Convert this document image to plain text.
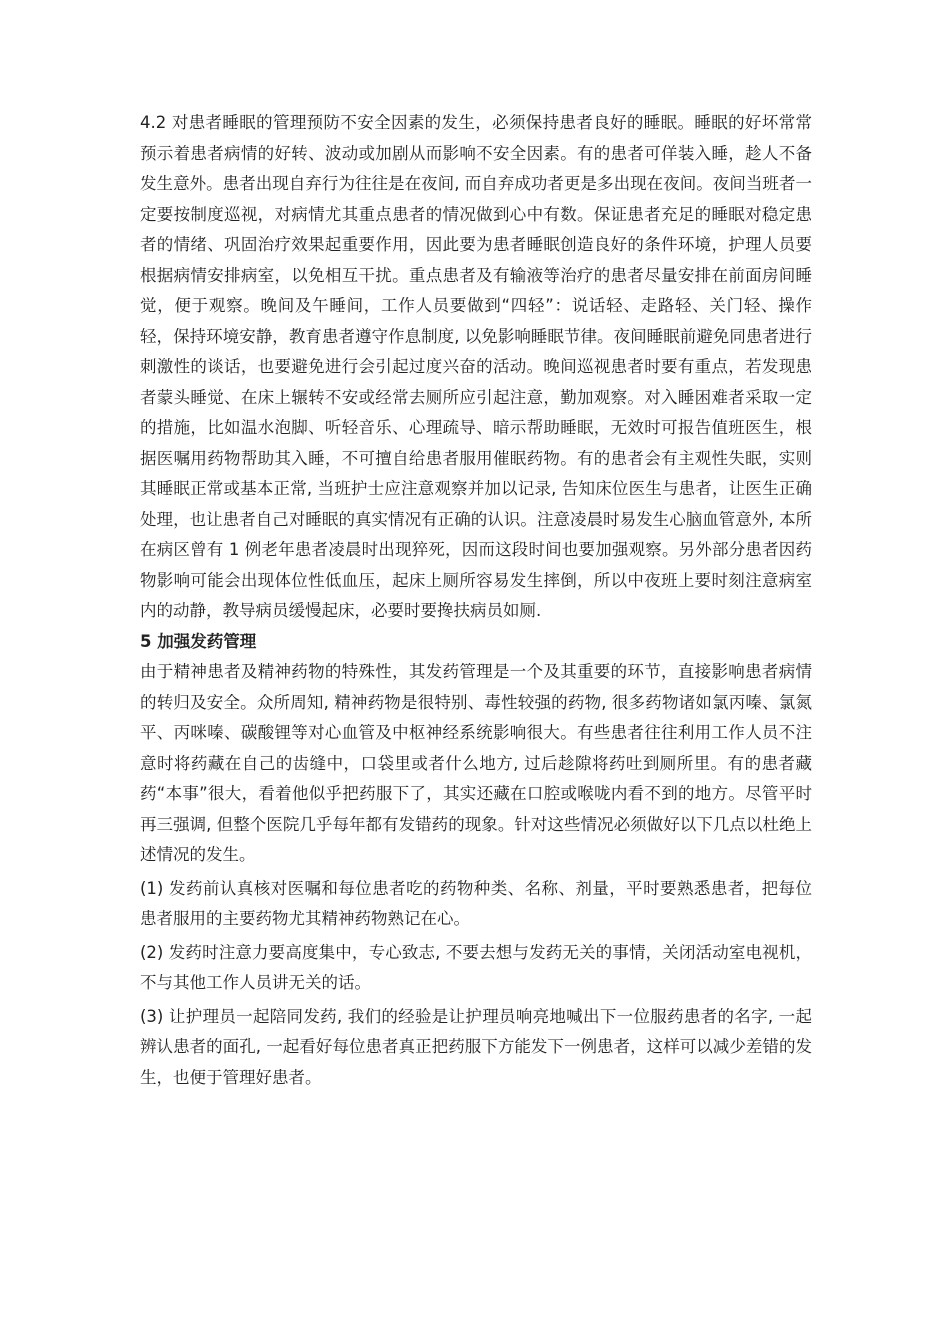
4.2 对患者睡眠的管理预防不安全因素的发生，必须保持患者良好的睡眠。睡眠的好坏常常预示着患者病情的好转、波动或加剧从而影响不安全因素。有的患者可佯装入睡，趁人不备发生意外。患者出现自弃行为往往是在夜间, 而自弃成功者更是多出现在夜间。夜间当班者一定要按制度巡视，对病情尤其重点患者的情况做到心中有数。保证患者充足的睡眠对稳定患者的情绪、巩固治疗效果起重要作用，因此要为患者睡眠创造良好的条件环境，护理人员要根据病情安排病室，以免相互干扰。重点患者及有输液等治疗的患者尽量安排在前面房间睡觉，便于观察。晚间及午睡间，工作人员要做到“四轻”：说话轻、走路轻、关门轻、操作轻，保持环境安静，教育患者遵守作息制度, 以免影响睡眠节律。夜间睡眠前避免同患者进行刺激性的谈话，也要避免进行会引起过度兴奋的活动。晚间巡视患者时要有重点，若发现患者蒙头睡觉、在床上辗转不安或经常去厕所应引起注意，勤加观察。对入睡困难者采取一定的措施，比如温水泡脚、听轻音乐、心理疏导、暗示帮助睡眠，无效时可报告值班医生，根据医嘱用药物帮助其入睡，不可擅自给患者服用催眠药物。有的患者会有主观性失眠，实则其睡眠正常或基本正常, 当班护士应注意观察并加以记录, 告知床位医生与患者，让医生正确处理，也让患者自己对睡眠的真实情况有正确的认识。注意凌晨时易发生心脑血管意外, 本所在病区曾有 1 例老年患者凌晨时出现猝死，因而这段时间也要加强观察。另外部分患者因药物影响可能会出现体位性低血压，起床上厕所容易发生摔倒，所以中夜班上要时刻注意病室内的动静，教导病员缓慢起床，必要时要搀扶病员如厕.

5 加强发药管理

由于精神患者及精神药物的特殊性，其发药管理是一个及其重要的环节，直接影响患者病情的转归及安全。众所周知, 精神药物是很特别、毒性较强的药物, 很多药物诸如氯丙嗪、氯氮平、丙咪嗪、碳酸锂等对心血管及中枢神经系统影响很大。有些患者往往利用工作人员不注意时将药藏在自己的齿缝中，口袋里或者什么地方, 过后趁隙将药吐到厕所里。有的患者藏药“本事”很大，看着他似乎把药服下了，其实还藏在口腔或喉咙内看不到的地方。尽管平时再三强调, 但整个医院几乎每年都有发错药的现象。针对这些情况必须做好以下几点以杜绝上述情况的发生。

(1) 发药前认真核对医嘱和每位患者吃的药物种类、名称、剂量，平时要熟悉患者，把每位患者服用的主要药物尤其精神药物熟记在心。

(2) 发药时注意力要高度集中，专心致志, 不要去想与发药无关的事情，关闭活动室电视机，不与其他工作人员讲无关的话。

(3) 让护理员一起陪同发药, 我们的经验是让护理员响亮地喊出下一位服药患者的名字, 一起辨认患者的面孔, 一起看好每位患者真正把药服下方能发下一例患者，这样可以减少差错的发生，也便于管理好患者。
